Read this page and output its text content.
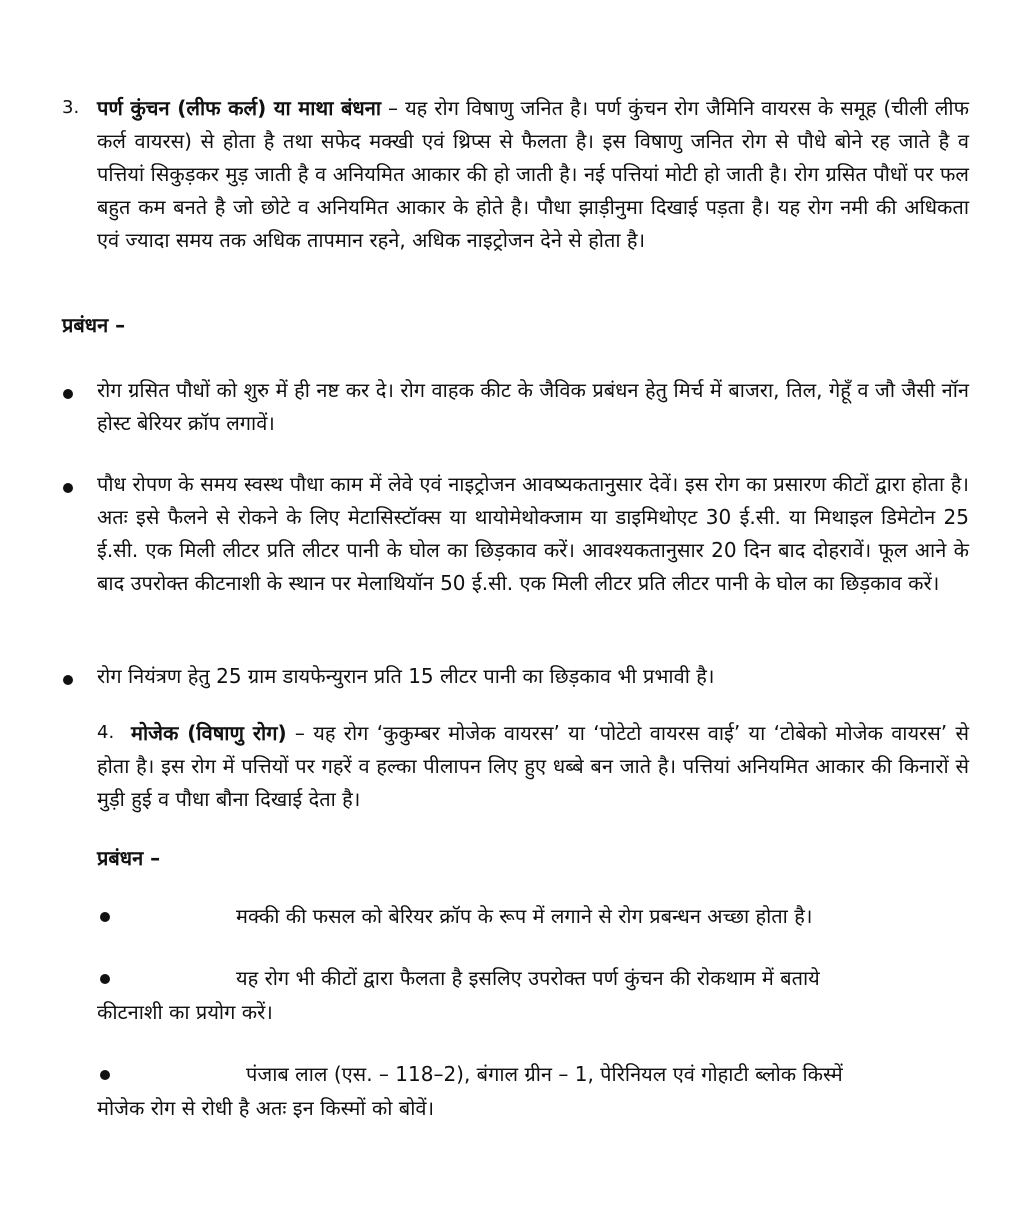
3. पर्ण कुंचन (लीफ कर्ल) या माथा बंधना – यह रोग विषाणु जनित है। पर्ण कुंचन रोग जैमिनि वायरस के समूह (चीली लीफ कर्ल वायरस) से होता है तथा सफेद मक्खी एवं थ्रिप्स से फैलता है। इस विषाणु जनित रोग से पौधे बोने रह जाते है व पत्तियां सिकुड़कर मुड़ जाती है व अनियमित आकार की हो जाती है। नई पत्तियां मोटी हो जाती है। रोग ग्रसित पौधों पर फल बहुत कम बनते है जो छोटे व अनियमित आकार के होते है। पौधा झाड़ीनुमा दिखाई पड़ता है। यह रोग नमी की अधिकता एवं ज्यादा समय तक अधिक तापमान रहने, अधिक नाइट्रोजन देने से होता है।

प्रबंधन –

रोग ग्रसित पौधों को शुरु में ही नष्ट कर दे। रोग वाहक कीट के जैविक प्रबंधन हेतु मिर्च में बाजरा, तिल, गेहूँ व जौ जैसी नॉन होस्ट बेरियर क्रॉप लगावें।

पौध रोपण के समय स्वस्थ पौधा काम में लेवे एवं नाइट्रोजन आवष्यकतानुसार देवें। इस रोग का प्रसारण कीटों द्वारा होता है। अतः इसे फैलने से रोकने के लिए मेटासिस्टॉक्स या थायोमेथोक्जाम या डाइमिथोएट 30 ई.सी. या मिथाइल डिमेटोन 25 ई.सी. एक मिली लीटर प्रति लीटर पानी के घोल का छिड़काव करें। आवश्यकतानुसार 20 दिन बाद दोहरावें। फूल आने के बाद उपरोक्त कीटनाशी के स्थान पर मेलाथियॉन 50 ई.सी. एक मिली लीटर प्रति लीटर पानी के घोल का छिड़काव करें।

रोग नियंत्रण हेतु 25 ग्राम डायफेन्युरान प्रति 15 लीटर पानी का छिड़काव भी प्रभावी है।

4. मोजेक (विषाणु रोग) – यह रोग ‘कुकुम्बर मोजेक वायरस’ या ‘पोटेटो वायरस वाई’ या ‘टोबेको मोजेक वायरस’ से होता है। इस रोग में पत्तियों पर गहरें व हल्का पीलापन लिए हुए धब्बे बन जाते है। पत्तियां अनियमित आकार की किनारों से मुड़ी हुई व पौधा बौना दिखाई देता है।

प्रबंधन –

मक्की की फसल को बेरियर क्रॉप के रूप में लगाने से रोग प्रबन्धन अच्छा होता है।
यह रोग भी कीटों द्वारा फैलता है इसलिए उपरोक्त पर्ण कुंचन की रोकथाम में बताये
कीटनाशी का प्रयोग करें।
पंजाब लाल (एस. – 118–2), बंगाल ग्रीन – 1, पेरिनियल एवं गोहाटी ब्लोक किस्में
मोजेक रोग से रोधी है अतः इन किस्मों को बोवें।
